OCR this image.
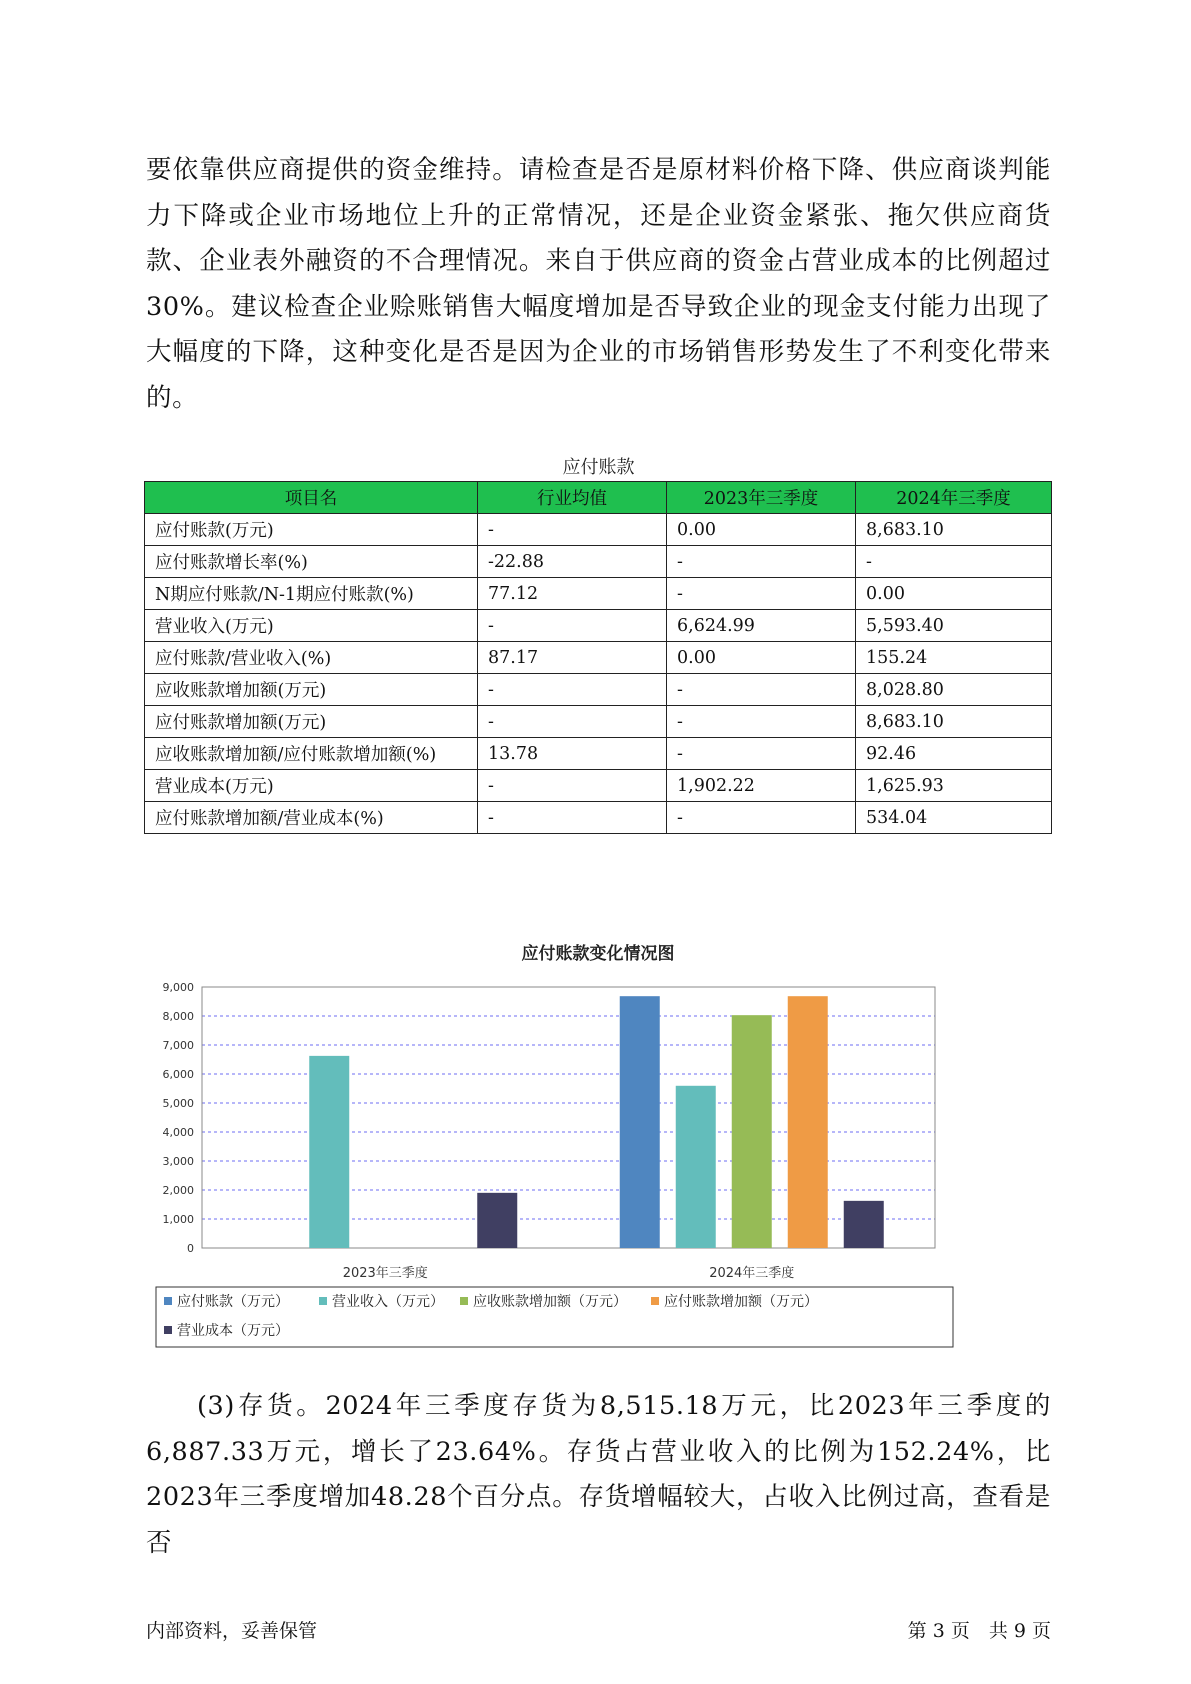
要依靠供应商提供的资金维持。请检查是否是原材料价格下降、供应商谈判能力下降或企业市场地位上升的正常情况，还是企业资金紧张、拖欠供应商货款、企业表外融资的不合理情况。来自于供应商的资金占营业成本的比例超过30%。建议检查企业赊账销售大幅度增加是否导致企业的现金支付能力出现了大幅度的下降，这种变化是否是因为企业的市场销售形势发生了不利变化带来的。

应付账款
项目名	行业均值	2023年三季度	2024年三季度
应付账款(万元)	-	0.00	8,683.10
应付账款增长率(%)	-22.88	-	-
N期应付账款/N-1期应付账款(%)	77.12	-	0.00
营业收入(万元)	-	6,624.99	5,593.40
应付账款/营业收入(%)	87.17	0.00	155.24
应收账款增加额(万元)	-	-	8,028.80
应付账款增加额(万元)	-	-	8,683.10
应收账款增加额/应付账款增加额(%)	13.78	-	92.46
营业成本(万元)	-	1,902.22	1,625.93
应付账款增加额/营业成本(%)	-	-	534.04
应付账款变化情况图
0
1,000
2,000
3,000
4,000
5,000
6,000
7,000
8,000
9,000
2023年三季度	2024年三季度
应付账款（万元）	营业收入（万元） 应收账款增加额（万元）	应付账款增加额（万元）
营业成本（万元）

(3)存货。2024年三季度存货为8,515.18万元，比2023年三季度的6,887.33万元，增长了23.64%。存货占营业收入的比例为152.24%，比2023年三季度增加48.28个百分点。存货增幅较大，占收入比例过高，查看是否

内部资料，妥善保管	第 3 页　共 9 页
